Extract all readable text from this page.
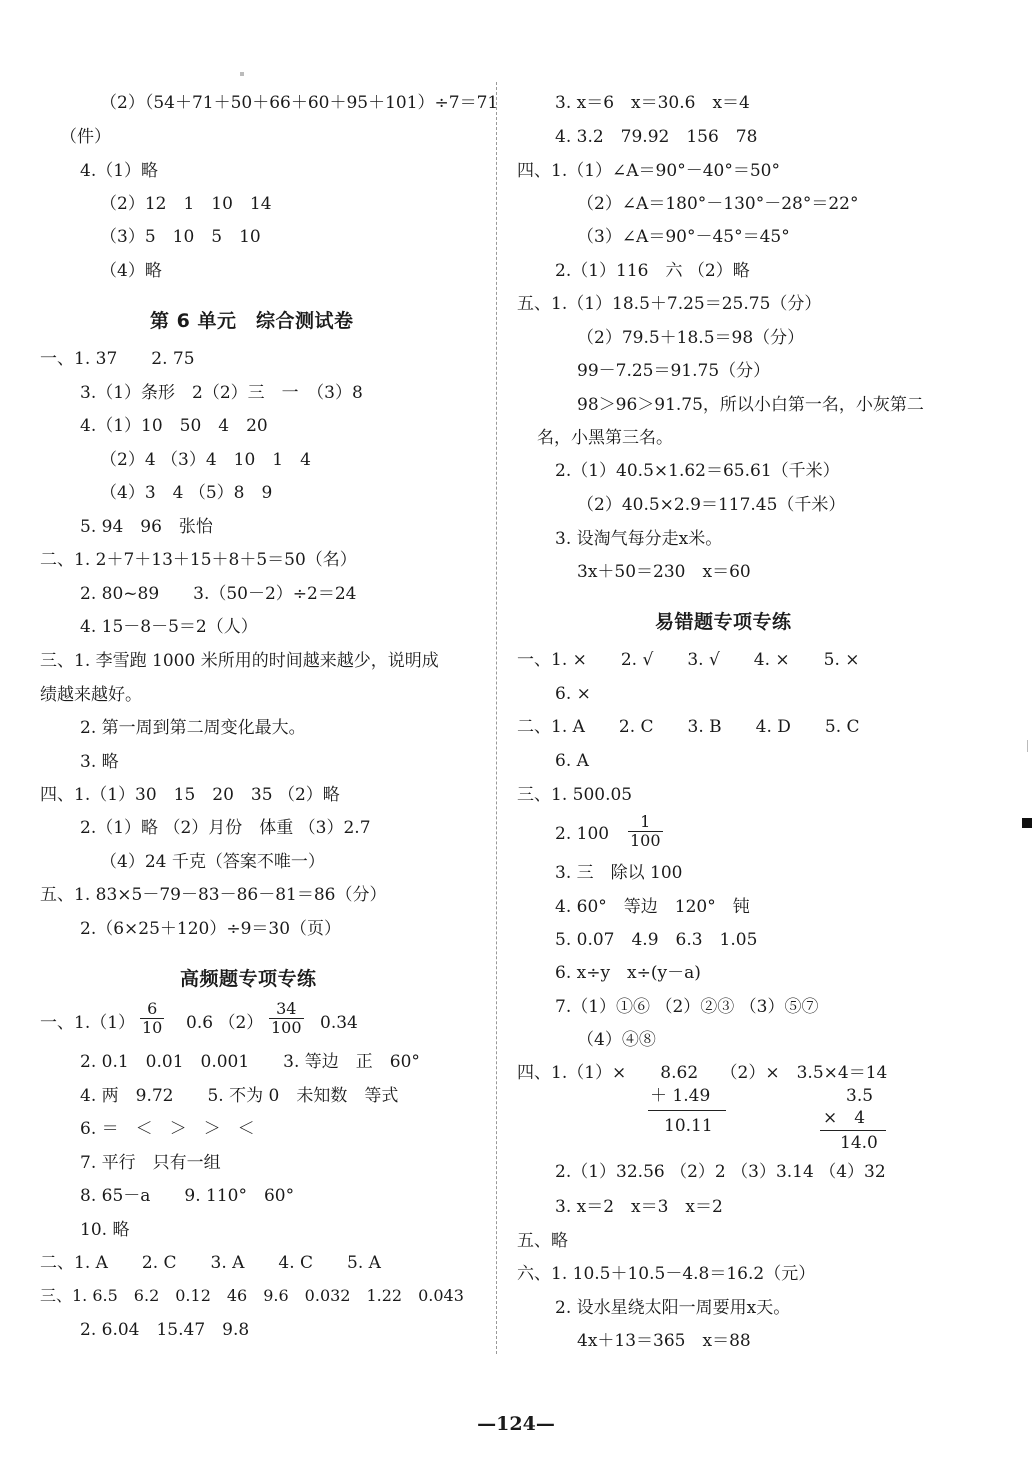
（2）（54＋71＋50＋66＋60＋95＋101）÷7＝71
（件）
4.（1）略
（2）12　1　10　14
（3）5　10　5　10
（4）略
第 6 单元　综合测试卷
一、1. 37　　2. 75
3.（1）条形　2（2）三　一　（3）8
4.（1）10　50　4　20
（2）4 （3）4　10　1　4
（4）3　4 （5）8　9
5. 94　96　张怡
二、1. 2＋7＋13＋15＋8＋5＝50（名）
2. 80~89　　3.（50－2）÷2＝24
4. 15－8－5＝2（人）
三、1. 李雪跑 1000 米所用的时间越来越少，说明成
绩越来越好。
2. 第一周到第二周变化最大。
3. 略
四、1.（1）30　15　20　35 （2）略
2.（1）略 （2）月份　体重 （3）2.7
（4）24 千克（答案不唯一）
五、1. 83×5－79－83－86－81＝86（分）
2.（6×25＋120）÷9＝30（页）
高频题专项专练
一、$1.(1) \frac{6}{10} 0.6$ $(2) \frac{34}{100} 0.34$
2. 0.1　0.01　0.001　　3. 等边　正　60°
4. 两　9.72　　5. 不为 0　未知数　等式
6. ＝　＜　＞　＞　＜
7. 平行　只有一组
8. 65－a　　9. 110°　60°
10. 略
二、1. A　　2. C　　3. A　　4. C　　5. A
三、1. 6.5　6.2　0.12　46　9.6　0.032　1.22　0.043
2. 6.04　15.47　9.8
3. x＝6　x＝30.6　x＝4
4. 3.2　79.92　156　78
四、1.（1）∠A＝90°－40°＝50°
（2）∠A＝180°－130°－28°＝22°
（3）∠A＝90°－45°＝45°
2.（1）116　六 （2）略
五、1.（1）18.5＋7.25＝25.75（分）
（2）79.5＋18.5＝98（分）
99－7.25＝91.75（分）
98＞96＞91.75，所以小白第一名，小灰第二
名，小黑第三名。
2.（1）40.5×1.62＝65.61（千米）
（2）40.5×2.9＝117.45（千米）
3. 设淘气每分走x米。
3x＋50＝230　x＝60
易错题专项专练
一、1. ×　　2. √　　3. √　　4. ×　　5. ×
6. ×
二、1. A　　2. C　　3. B　　4. D　　5. C
6. A
三、1. 500.05
2. $100 \frac{1}{100}$
3. 三　除以 100
4. 60°　等边　120°　钝
5. 0.07　4.9　6.3　1.05
6. x÷y　x÷(y－a)
7.（1）①⑥ （2）②③ （3）⑤⑦
（4）④⑧
四、1.（1）×　　8.62　 （2）×　3.5×4＝14
＋ 1.49
10.11
3.5
×　4
14.0
2.（1）32.56 （2）2 （3）3.14 （4）32
3. x＝2　x＝3　x＝2
五、略
六、1. 10.5＋10.5－4.8＝16.2（元）
2. 设水星绕太阳一周要用x天。
4x＋13＝365　x＝88
—124—
